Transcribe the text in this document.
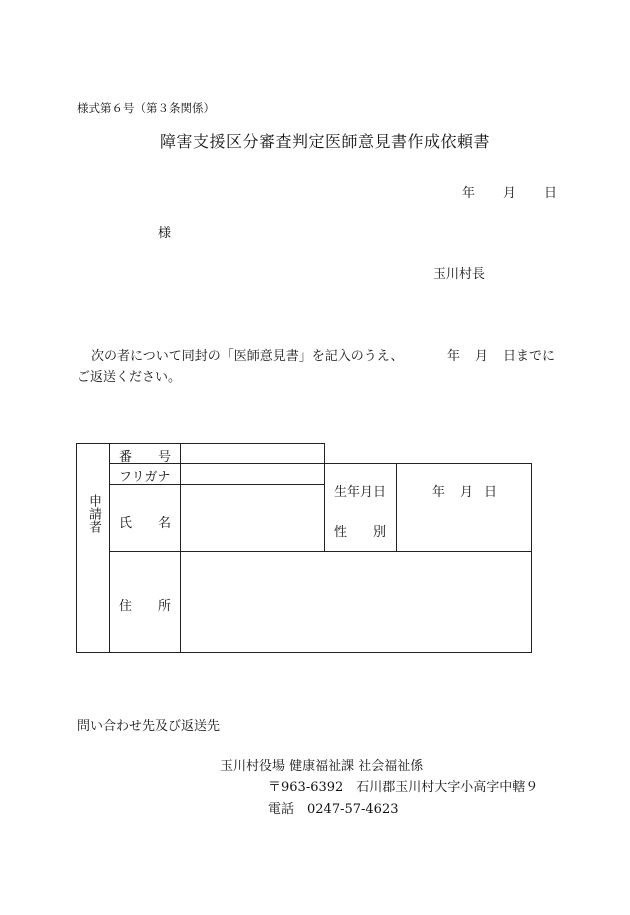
様式第６号（第３条関係）
障害支援区分審査判定医師意見書作成依頼書
年 月 日
様
玉川村長
次の者について同封の「医師意見書」を記入のうえ、	年 月 日までに
ご返送ください。
申請者
番 号
フリガナ
氏 名
生年月日
性 別
年 月 日
住 所
問い合わせ先及び返送先
玉川村役場 健康福祉課 社会福祉係
〒963-6392　石川郡玉川村大字小高字中轄９
電話　0247-57-4623
